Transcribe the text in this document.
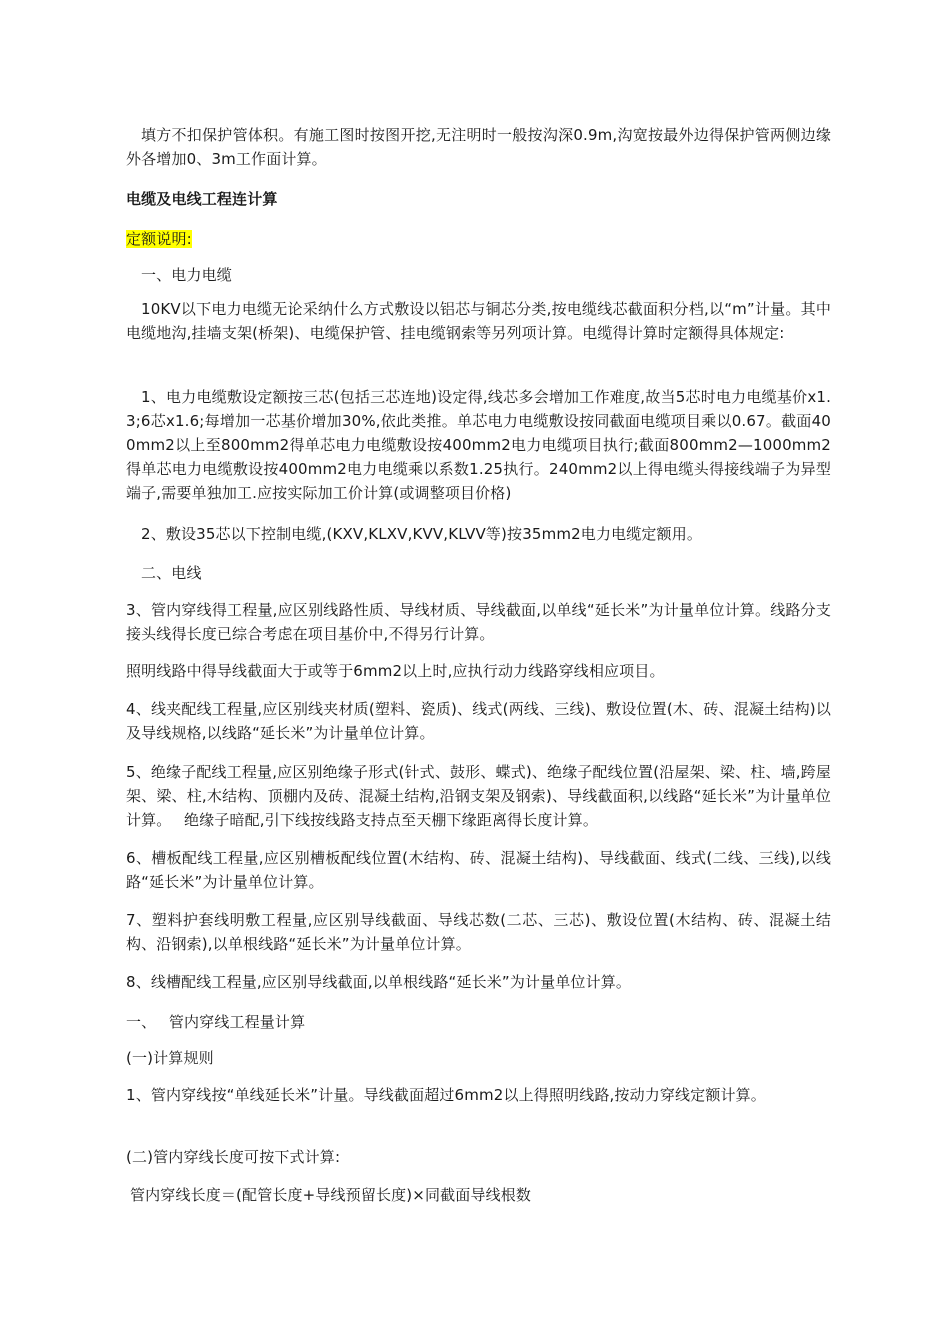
填方不扣保护管体积。有施工图时按图开挖,无注明时一般按沟深0.9m,沟宽按最外边得保护管两侧边缘外各增加0、3m工作面计算。

电缆及电线工程连计算

定额说明:

一、电力电缆

10KV以下电力电缆无论采纳什么方式敷设以铝芯与铜芯分类,按电缆线芯截面积分档,以“m”计量。其中电缆地沟,挂墙支架(桥架)、电缆保护管、挂电缆钢索等另列项计算。电缆得计算时定额得具体规定:

1、电力电缆敷设定额按三芯(包括三芯连地)设定得,线芯多会增加工作难度,故当5芯时电力电缆基价x1.3;6芯x1.6;每增加一芯基价增加30%,依此类推。单芯电力电缆敷设按同截面电缆项目乘以0.67。截面400mm2以上至800mm2得单芯电力电缆敷设按400mm2电力电缆项目执行;截面800mm2—1000mm2得单芯电力电缆敷设按400mm2电力电缆乘以系数1.25执行。240mm2以上得电缆头得接线端子为异型端子,需要单独加工.应按实际加工价计算(或调整项目价格)

2、敷设35芯以下控制电缆,(KXV,KLXV,KVV,KLVV等)按35mm2电力电缆定额用。

二、电线

3、管内穿线得工程量,应区别线路性质、导线材质、导线截面,以单线“延长米”为计量单位计算。线路分支接头线得长度已综合考虑在项目基价中,不得另行计算。

照明线路中得导线截面大于或等于6mm2以上时,应执行动力线路穿线相应项目。

4、线夹配线工程量,应区别线夹材质(塑料、瓷质)、线式(两线、三线)、敷设位置(木、砖、混凝土结构)以及导线规格,以线路“延长米”为计量单位计算。

5、绝缘子配线工程量,应区别绝缘子形式(针式、鼓形、蝶式)、绝缘子配线位置(沿屋架、梁、柱、墙,跨屋架、梁、柱,木结构、顶棚内及砖、混凝土结构,沿钢支架及钢索)、导线截面积,以线路“延长米”为计量单位计算。　 绝缘子暗配,引下线按线路支持点至天棚下缘距离得长度计算。

6、槽板配线工程量,应区别槽板配线位置(木结构、砖、混凝土结构)、导线截面、线式(二线、三线),以线路“延长米”为计量单位计算。

7、塑料护套线明敷工程量,应区别导线截面、导线芯数(二芯、三芯)、敷设位置(木结构、砖、混凝土结构、沿钢索),以单根线路“延长米”为计量单位计算。

8、线槽配线工程量,应区别导线截面,以单根线路“延长米”为计量单位计算。

一、　 管内穿线工程量计算

(一)计算规则

1、管内穿线按“单线延长米”计量。导线截面超过6mm2以上得照明线路,按动力穿线定额计算。

(二)管内穿线长度可按下式计算:

管内穿线长度＝(配管长度+导线预留长度)×同截面导线根数
